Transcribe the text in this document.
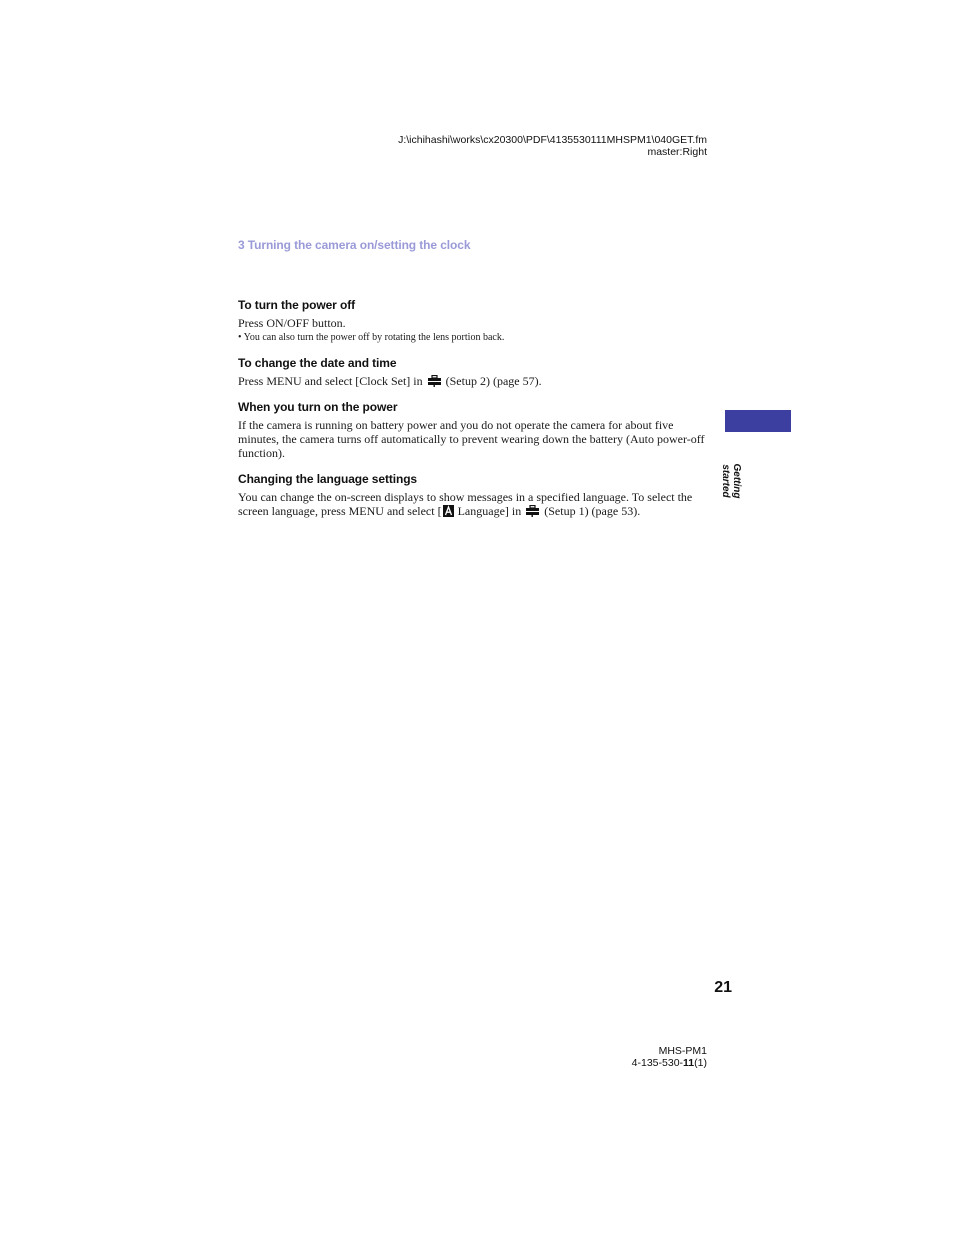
J:\ichihashi\works\cx20300\PDF\4135530111MHSPM1\040GET.fm
master:Right
3 Turning the camera on/setting the clock
To turn the power off

Press ON/OFF button.

• You can also turn the power off by rotating the lens portion back.

To change the date and time

Press MENU and select [Clock Set] in (Setup 2) (page 57).

When you turn on the power

If the camera is running on battery power and you do not operate the camera for about five minutes, the camera turns off automatically to prevent wearing down the battery (Auto power-off function).

Changing the language settings

You can change the on-screen displays to show messages in a specified language. To select the screen language, press MENU and select [ Language] in (Setup 1) (page 53).

Getting started
21
MHS-PM1
4-135-530-11(1)
